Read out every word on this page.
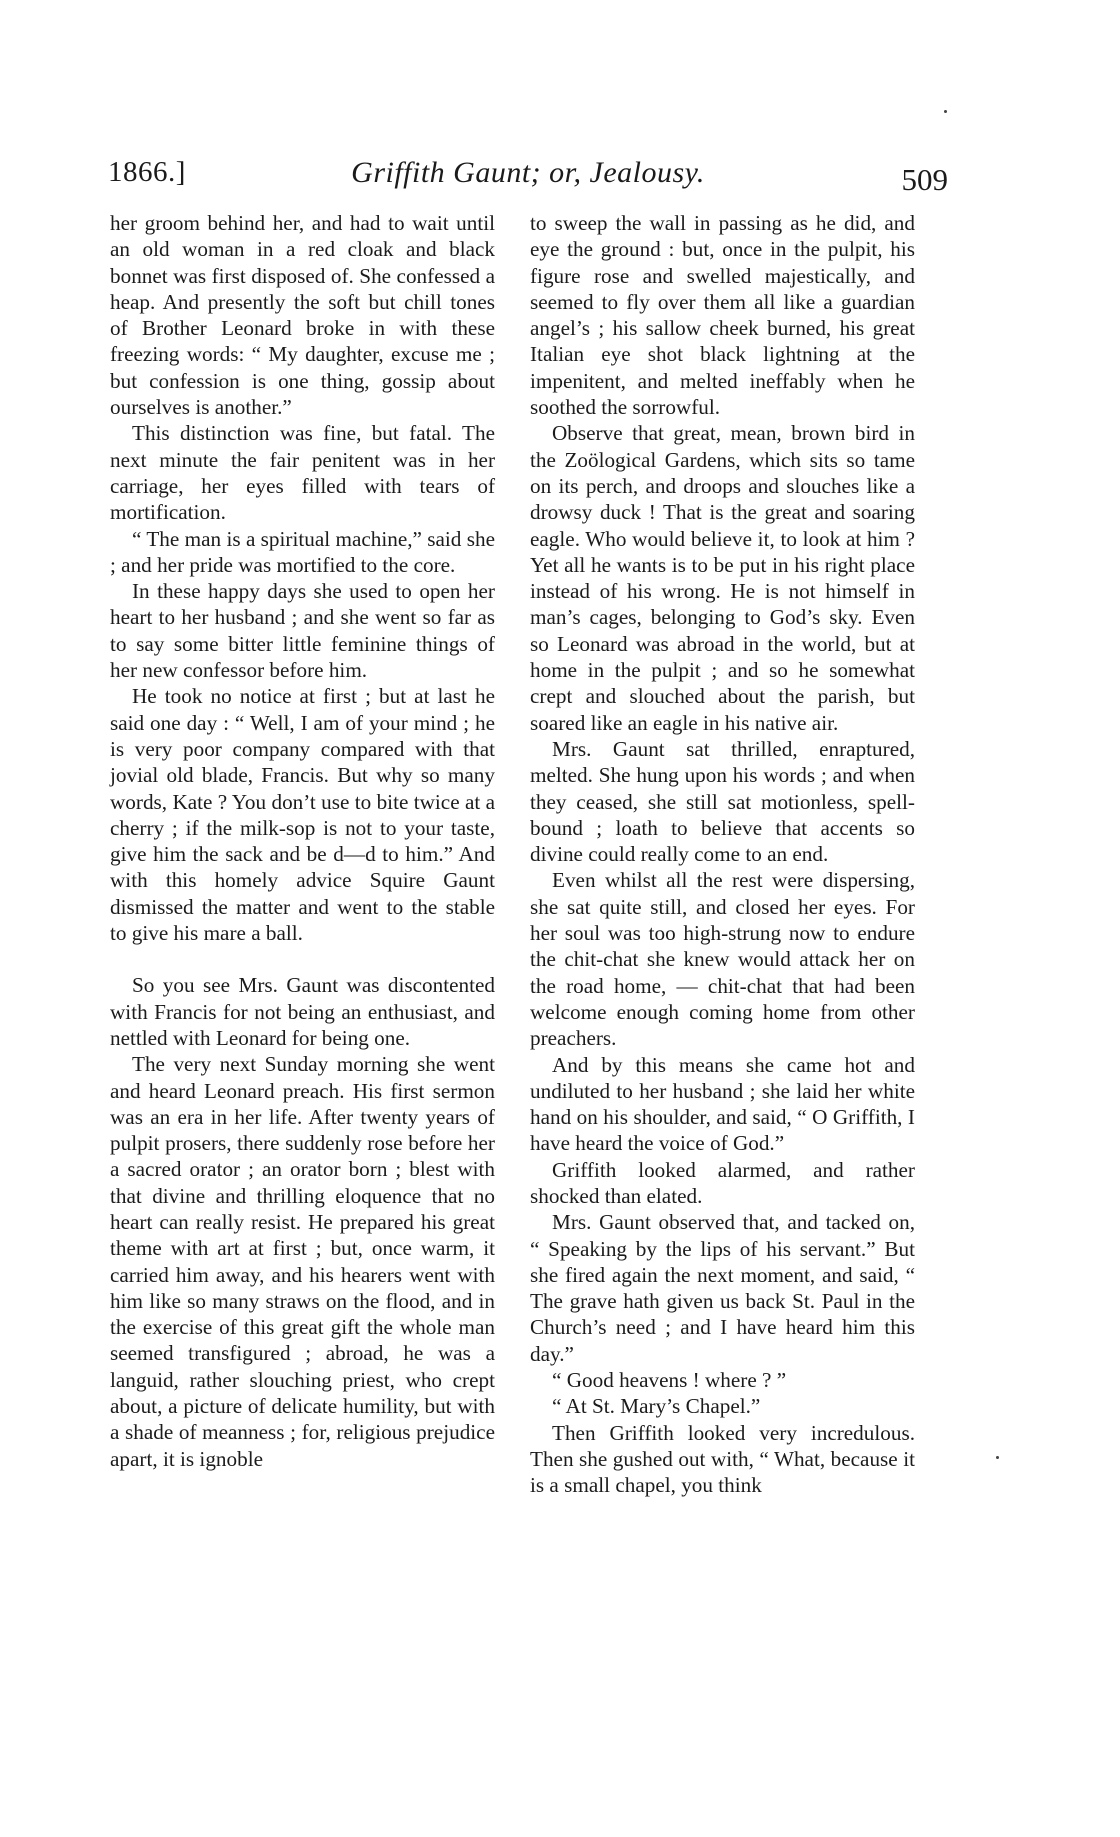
1866.]	Griffith Gaunt; or, Jealousy.	509

her groom behind her, and had to wait until an old woman in a red cloak and black bonnet was first disposed of. She confessed a heap. And presently the soft but chill tones of Brother Leonard broke in with these freezing words: “ My daughter, excuse me ; but confession is one thing, gossip about ourselves is another.”

This distinction was fine, but fatal. The next minute the fair penitent was in her carriage, her eyes filled with tears of mortification.

“ The man is a spiritual machine,” said she ; and her pride was mortified to the core.

In these happy days she used to open her heart to her husband ; and she went so far as to say some bitter little feminine things of her new confessor before him.

He took no notice at first ; but at last he said one day : “ Well, I am of your mind ; he is very poor company compared with that jovial old blade, Francis. But why so many words, Kate ? You don’t use to bite twice at a cherry ; if the milk-sop is not to your taste, give him the sack and be d—d to him.” And with this homely advice Squire Gaunt dismissed the matter and went to the stable to give his mare a ball.

So you see Mrs. Gaunt was discontented with Francis for not being an enthusiast, and nettled with Leonard for being one.

The very next Sunday morning she went and heard Leonard preach. His first sermon was an era in her life. After twenty years of pulpit prosers, there suddenly rose before her a sacred orator ; an orator born ; blest with that divine and thrilling eloquence that no heart can really resist. He prepared his great theme with art at first ; but, once warm, it carried him away, and his hearers went with him like so many straws on the flood, and in the exercise of this great gift the whole man seemed transfigured ; abroad, he was a languid, rather slouching priest, who crept about, a picture of delicate humility, but with a shade of meanness ; for, religious prejudice apart, it is ignoble

to sweep the wall in passing as he did, and eye the ground : but, once in the pulpit, his figure rose and swelled majestically, and seemed to fly over them all like a guardian angel’s ; his sallow cheek burned, his great Italian eye shot black lightning at the impenitent, and melted ineffably when he soothed the sorrowful.

Observe that great, mean, brown bird in the Zoölogical Gardens, which sits so tame on its perch, and droops and slouches like a drowsy duck ! That is the great and soaring eagle. Who would believe it, to look at him ? Yet all he wants is to be put in his right place instead of his wrong. He is not himself in man’s cages, belonging to God’s sky. Even so Leonard was abroad in the world, but at home in the pulpit ; and so he somewhat crept and slouched about the parish, but soared like an eagle in his native air.

Mrs. Gaunt sat thrilled, enraptured, melted. She hung upon his words ; and when they ceased, she still sat motionless, spell-bound ; loath to believe that accents so divine could really come to an end.

Even whilst all the rest were dispersing, she sat quite still, and closed her eyes. For her soul was too high-strung now to endure the chit-chat she knew would attack her on the road home, — chit-chat that had been welcome enough coming home from other preachers.

And by this means she came hot and undiluted to her husband ; she laid her white hand on his shoulder, and said, “ O Griffith, I have heard the voice of God.”

Griffith looked alarmed, and rather shocked than elated.

Mrs. Gaunt observed that, and tacked on, “ Speaking by the lips of his servant.” But she fired again the next moment, and said, “ The grave hath given us back St. Paul in the Church’s need ; and I have heard him this day.”

“ Good heavens ! where ? ”

“ At St. Mary’s Chapel.”

Then Griffith looked very incredulous. Then she gushed out with, “ What, because it is a small chapel, you think
